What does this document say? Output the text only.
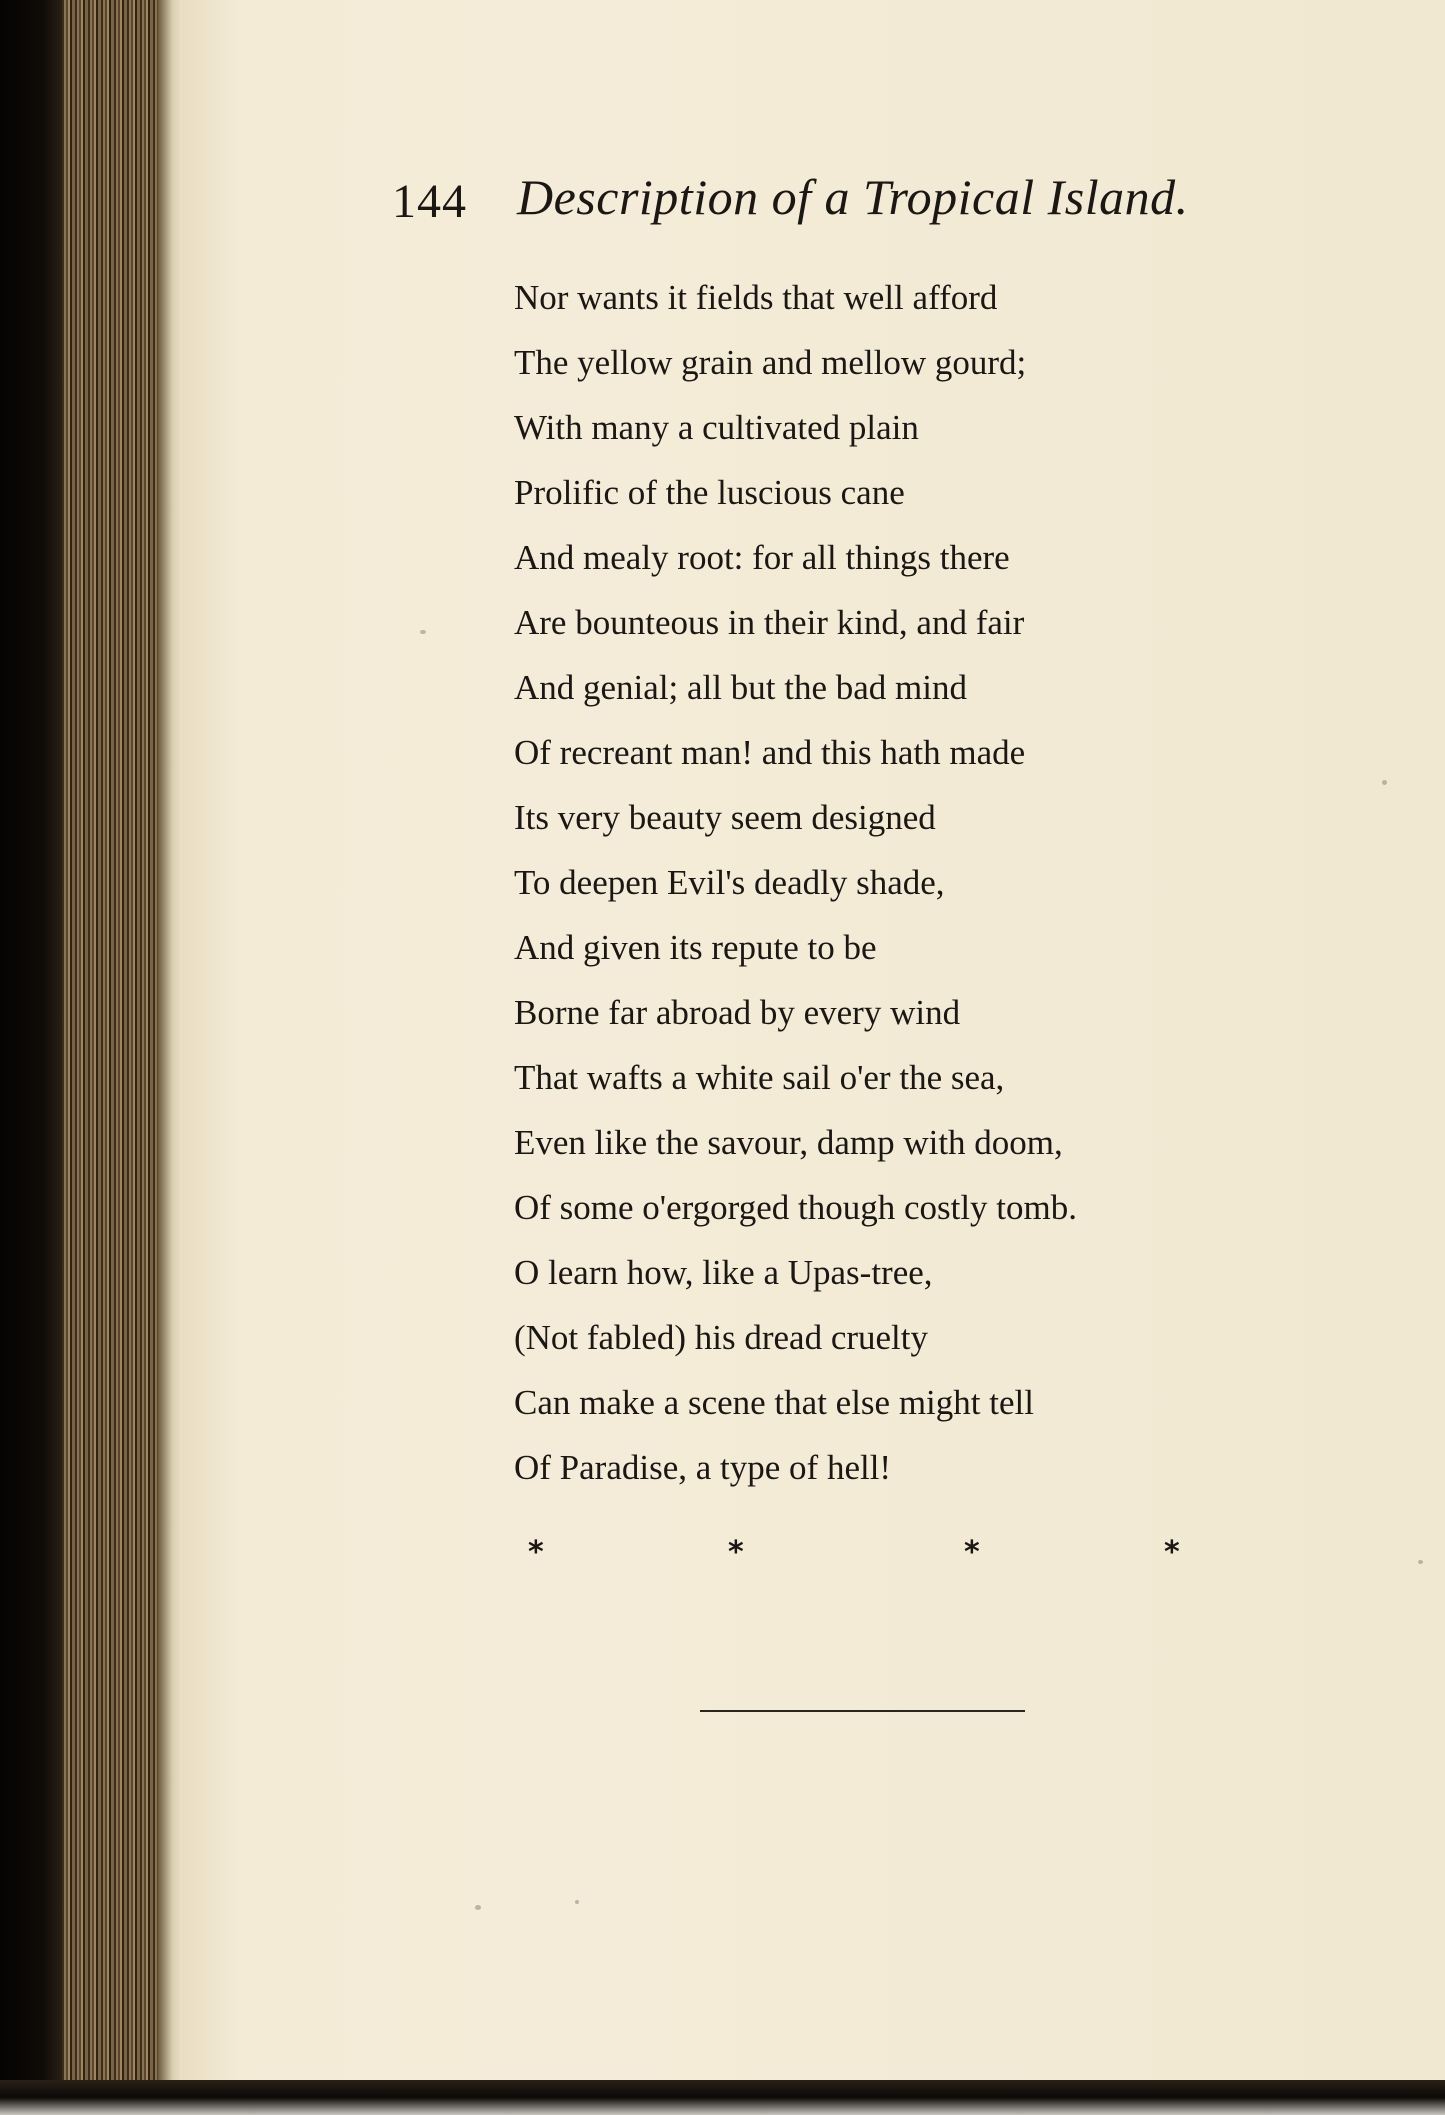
144 Description of a Tropical Island.
Nor wants it fields that well afford
The yellow grain and mellow gourd;
With many a cultivated plain
Prolific of the luscious cane
And mealy root: for all things there
Are bounteous in their kind, and fair
And genial; all but the bad mind
Of recreant man! and this hath made
Its very beauty seem designed
To deepen Evil's deadly shade,
And given its repute to be
Borne far abroad by every wind
That wafts a white sail o'er the sea,
Even like the savour, damp with doom,
Of some o'ergorged though costly tomb.
O learn how, like a Upas-tree,
(Not fabled) his dread cruelty
Can make a scene that else might tell
Of Paradise, a type of hell!
*	*	*	*
